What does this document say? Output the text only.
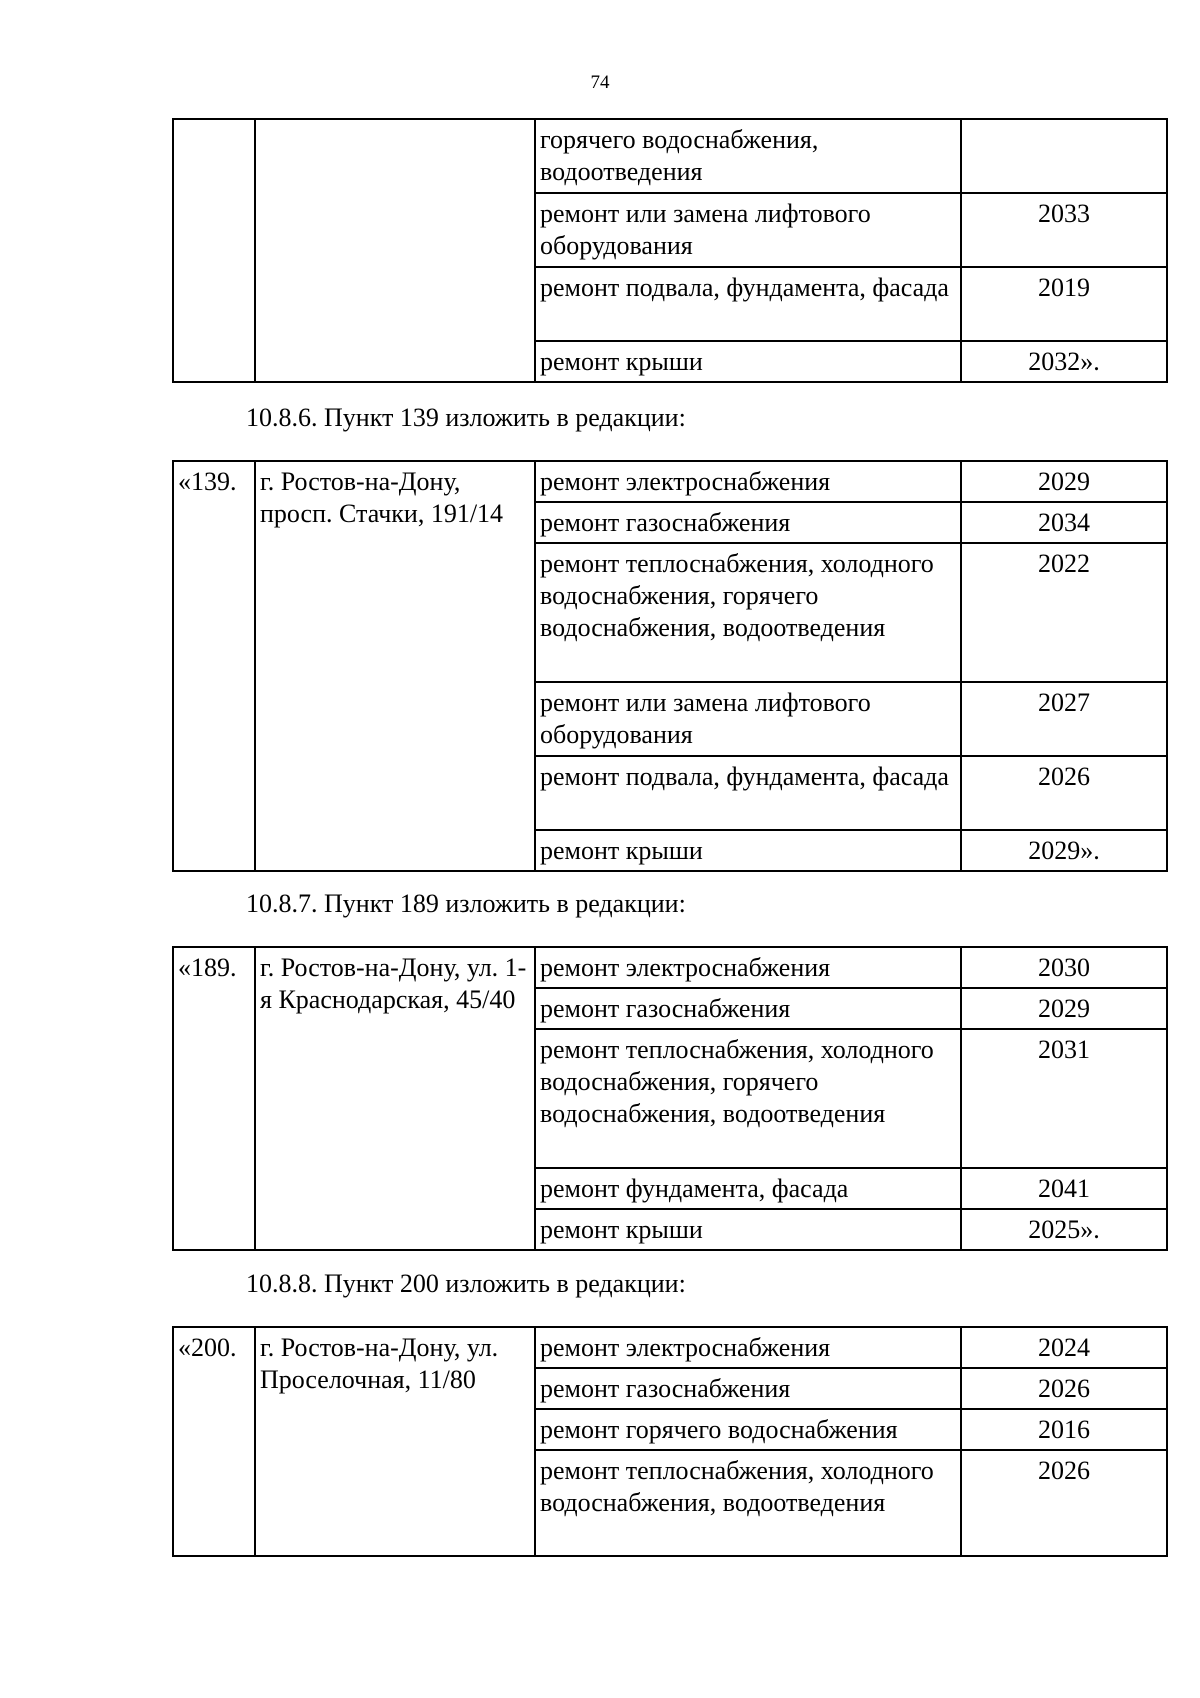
74
		горячего водоснабжения, водоотведения	
		ремонт или замена лифтового оборудования	2033
		ремонт подвала, фундамента, фасада	2019
		ремонт крыши	2032».
10.8.6. Пункт 139 изложить в редакции:
«139.	г. Ростов-на-Дону, просп. Стачки, 191/14	ремонт электроснабжения	2029
		ремонт газоснабжения	2034
		ремонт теплоснабжения, холодного водоснабжения, горячего водоснабжения, водоотведения	2022
		ремонт или замена лифтового оборудования	2027
		ремонт подвала, фундамента, фасада	2026
		ремонт крыши	2029».
10.8.7. Пункт 189 изложить в редакции:
«189.	г. Ростов-на-Дону, ул. 1-я Краснодарская, 45/40	ремонт электроснабжения	2030
		ремонт газоснабжения	2029
		ремонт теплоснабжения, холодного водоснабжения, горячего водоснабжения, водоотведения	2031
		ремонт фундамента, фасада	2041
		ремонт крыши	2025».
10.8.8. Пункт 200 изложить в редакции:
«200.	г. Ростов-на-Дону, ул. Проселочная, 11/80	ремонт электроснабжения	2024
		ремонт газоснабжения	2026
		ремонт горячего водоснабжения	2016
		ремонт теплоснабжения, холодного водоснабжения, водоотведения	2026
